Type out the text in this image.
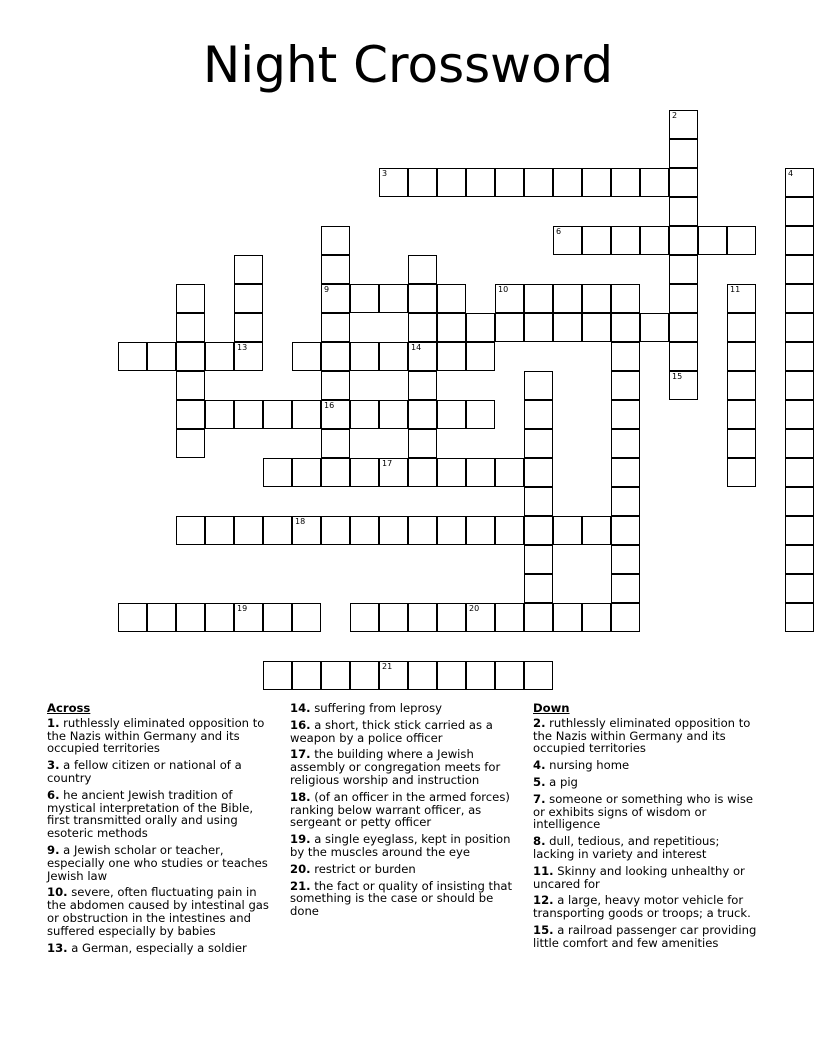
Night Crossword
3
6
9	10
13	14
16
17
18
19	20
21
2
15
4
11
Across
1. ruthlessly eliminated opposition to the Nazis within Germany and its occupied territories
3. a fellow citizen or national of a country
6. he ancient Jewish tradition of mystical interpretation of the Bible, first transmitted orally and using esoteric methods
9. a Jewish scholar or teacher, especially one who studies or teaches Jewish law
10. severe, often fluctuating pain in the abdomen caused by intestinal gas or obstruction in the intestines and suffered especially by babies
13. a German, especially a soldier
14. suffering from leprosy
16. a short, thick stick carried as a weapon by a police officer
17. the building where a Jewish assembly or congregation meets for religious worship and instruction
18. (of an officer in the armed forces) ranking below warrant officer, as sergeant or petty officer
19. a single eyeglass, kept in position by the muscles around the eye
20. restrict or burden
21. the fact or quality of insisting that something is the case or should be done
Down
2. ruthlessly eliminated opposition to the Nazis within Germany and its occupied territories
4. nursing home
5. a pig
7. someone or something who is wise or exhibits signs of wisdom or intelligence
8. dull, tedious, and repetitious; lacking in variety and interest
11. Skinny and looking unhealthy or uncared for
12. a large, heavy motor vehicle for transporting goods or troops; a truck.
15. a railroad passenger car providing little comfort and few amenities
